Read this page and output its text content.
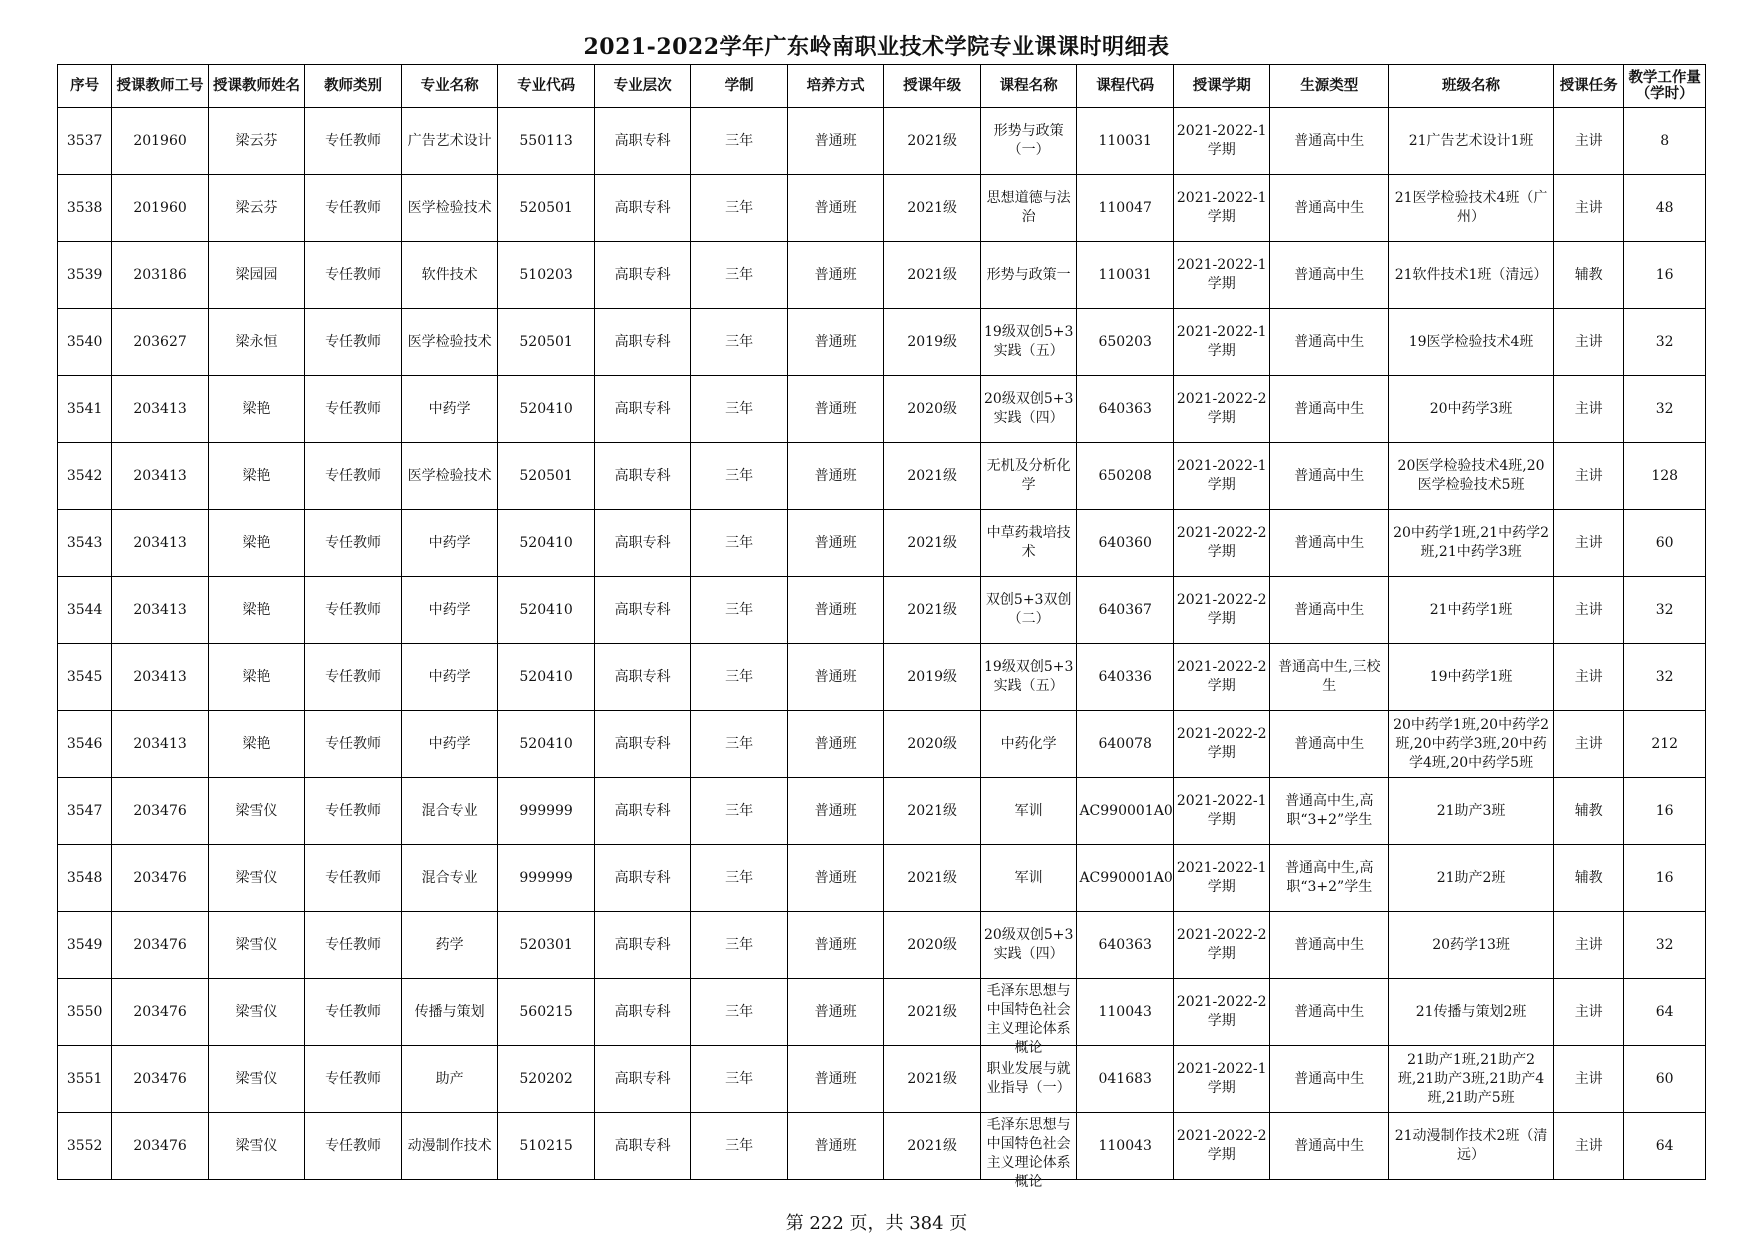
2021-2022学年广东岭南职业技术学院专业课课时明细表
序号	授课教师工号	授课教师姓名	教师类别	专业名称	专业代码	专业层次	学制	培养方式	授课年级	课程名称	课程代码	授课学期	生源类型	班级名称	授课任务	教学工作量（学时）

3537	201960	梁云芬	专任教师	广告艺术设计	550113	高职专科	三年	普通班	2021级	形势与政策（一）	110031	2021-2022-1学期	普通高中生	21广告艺术设计1班	主讲	8

3538	201960	梁云芬	专任教师	医学检验技术	520501	高职专科	三年	普通班	2021级	思想道德与法治	110047	2021-2022-1学期	普通高中生	21医学检验技术4班（广州）	主讲	48

3539	203186	梁园园	专任教师	软件技术	510203	高职专科	三年	普通班	2021级	形势与政策一	110031	2021-2022-1学期	普通高中生	21软件技术1班（清远）	辅教	16

3540	203627	梁永恒	专任教师	医学检验技术	520501	高职专科	三年	普通班	2019级	19级双创5+3实践（五）	650203	2021-2022-1学期	普通高中生	19医学检验技术4班	主讲	32

3541	203413	梁艳	专任教师	中药学	520410	高职专科	三年	普通班	2020级	20级双创5+3实践（四）	640363	2021-2022-2学期	普通高中生	20中药学3班	主讲	32

3542	203413	梁艳	专任教师	医学检验技术	520501	高职专科	三年	普通班	2021级	无机及分析化学	650208	2021-2022-1学期	普通高中生	20医学检验技术4班,20医学检验技术5班	主讲	128

3543	203413	梁艳	专任教师	中药学	520410	高职专科	三年	普通班	2021级	中草药栽培技术	640360	2021-2022-2学期	普通高中生	20中药学1班,21中药学2班,21中药学3班	主讲	60

3544	203413	梁艳	专任教师	中药学	520410	高职专科	三年	普通班	2021级	双创5+3双创（二）	640367	2021-2022-2学期	普通高中生	21中药学1班	主讲	32

3545	203413	梁艳	专任教师	中药学	520410	高职专科	三年	普通班	2019级	19级双创5+3实践（五）	640336	2021-2022-2学期	普通高中生,三校生	19中药学1班	主讲	32

3546	203413	梁艳	专任教师	中药学	520410	高职专科	三年	普通班	2020级	中药化学	640078	2021-2022-2学期	普通高中生	20中药学1班,20中药学2班,20中药学3班,20中药学4班,20中药学5班	主讲	212

3547	203476	梁雪仪	专任教师	混合专业	999999	高职专科	三年	普通班	2021级	军训	AC990001A0	2021-2022-1学期	普通高中生,高职“3+2”学生	21助产3班	辅教	16

3548	203476	梁雪仪	专任教师	混合专业	999999	高职专科	三年	普通班	2021级	军训	AC990001A0	2021-2022-1学期	普通高中生,高职“3+2”学生	21助产2班	辅教	16

3549	203476	梁雪仪	专任教师	药学	520301	高职专科	三年	普通班	2020级	20级双创5+3实践（四）	640363	2021-2022-2学期	普通高中生	20药学13班	主讲	32

3550	203476	梁雪仪	专任教师	传播与策划	560215	高职专科	三年	普通班	2021级	毛泽东思想与中国特色社会主义理论体系概论	110043	2021-2022-2学期	普通高中生	21传播与策划2班	主讲	64

3551	203476	梁雪仪	专任教师	助产	520202	高职专科	三年	普通班	2021级	职业发展与就业指导（一）	041683	2021-2022-1学期	普通高中生	21助产1班,21助产2班,21助产3班,21助产4班,21助产5班	主讲	60

3552	203476	梁雪仪	专任教师	动漫制作技术	510215	高职专科	三年	普通班	2021级	毛泽东思想与中国特色社会主义理论体系概论	110043	2021-2022-2学期	普通高中生	21动漫制作技术2班（清远）	主讲	64
第 222 页，共 384 页
